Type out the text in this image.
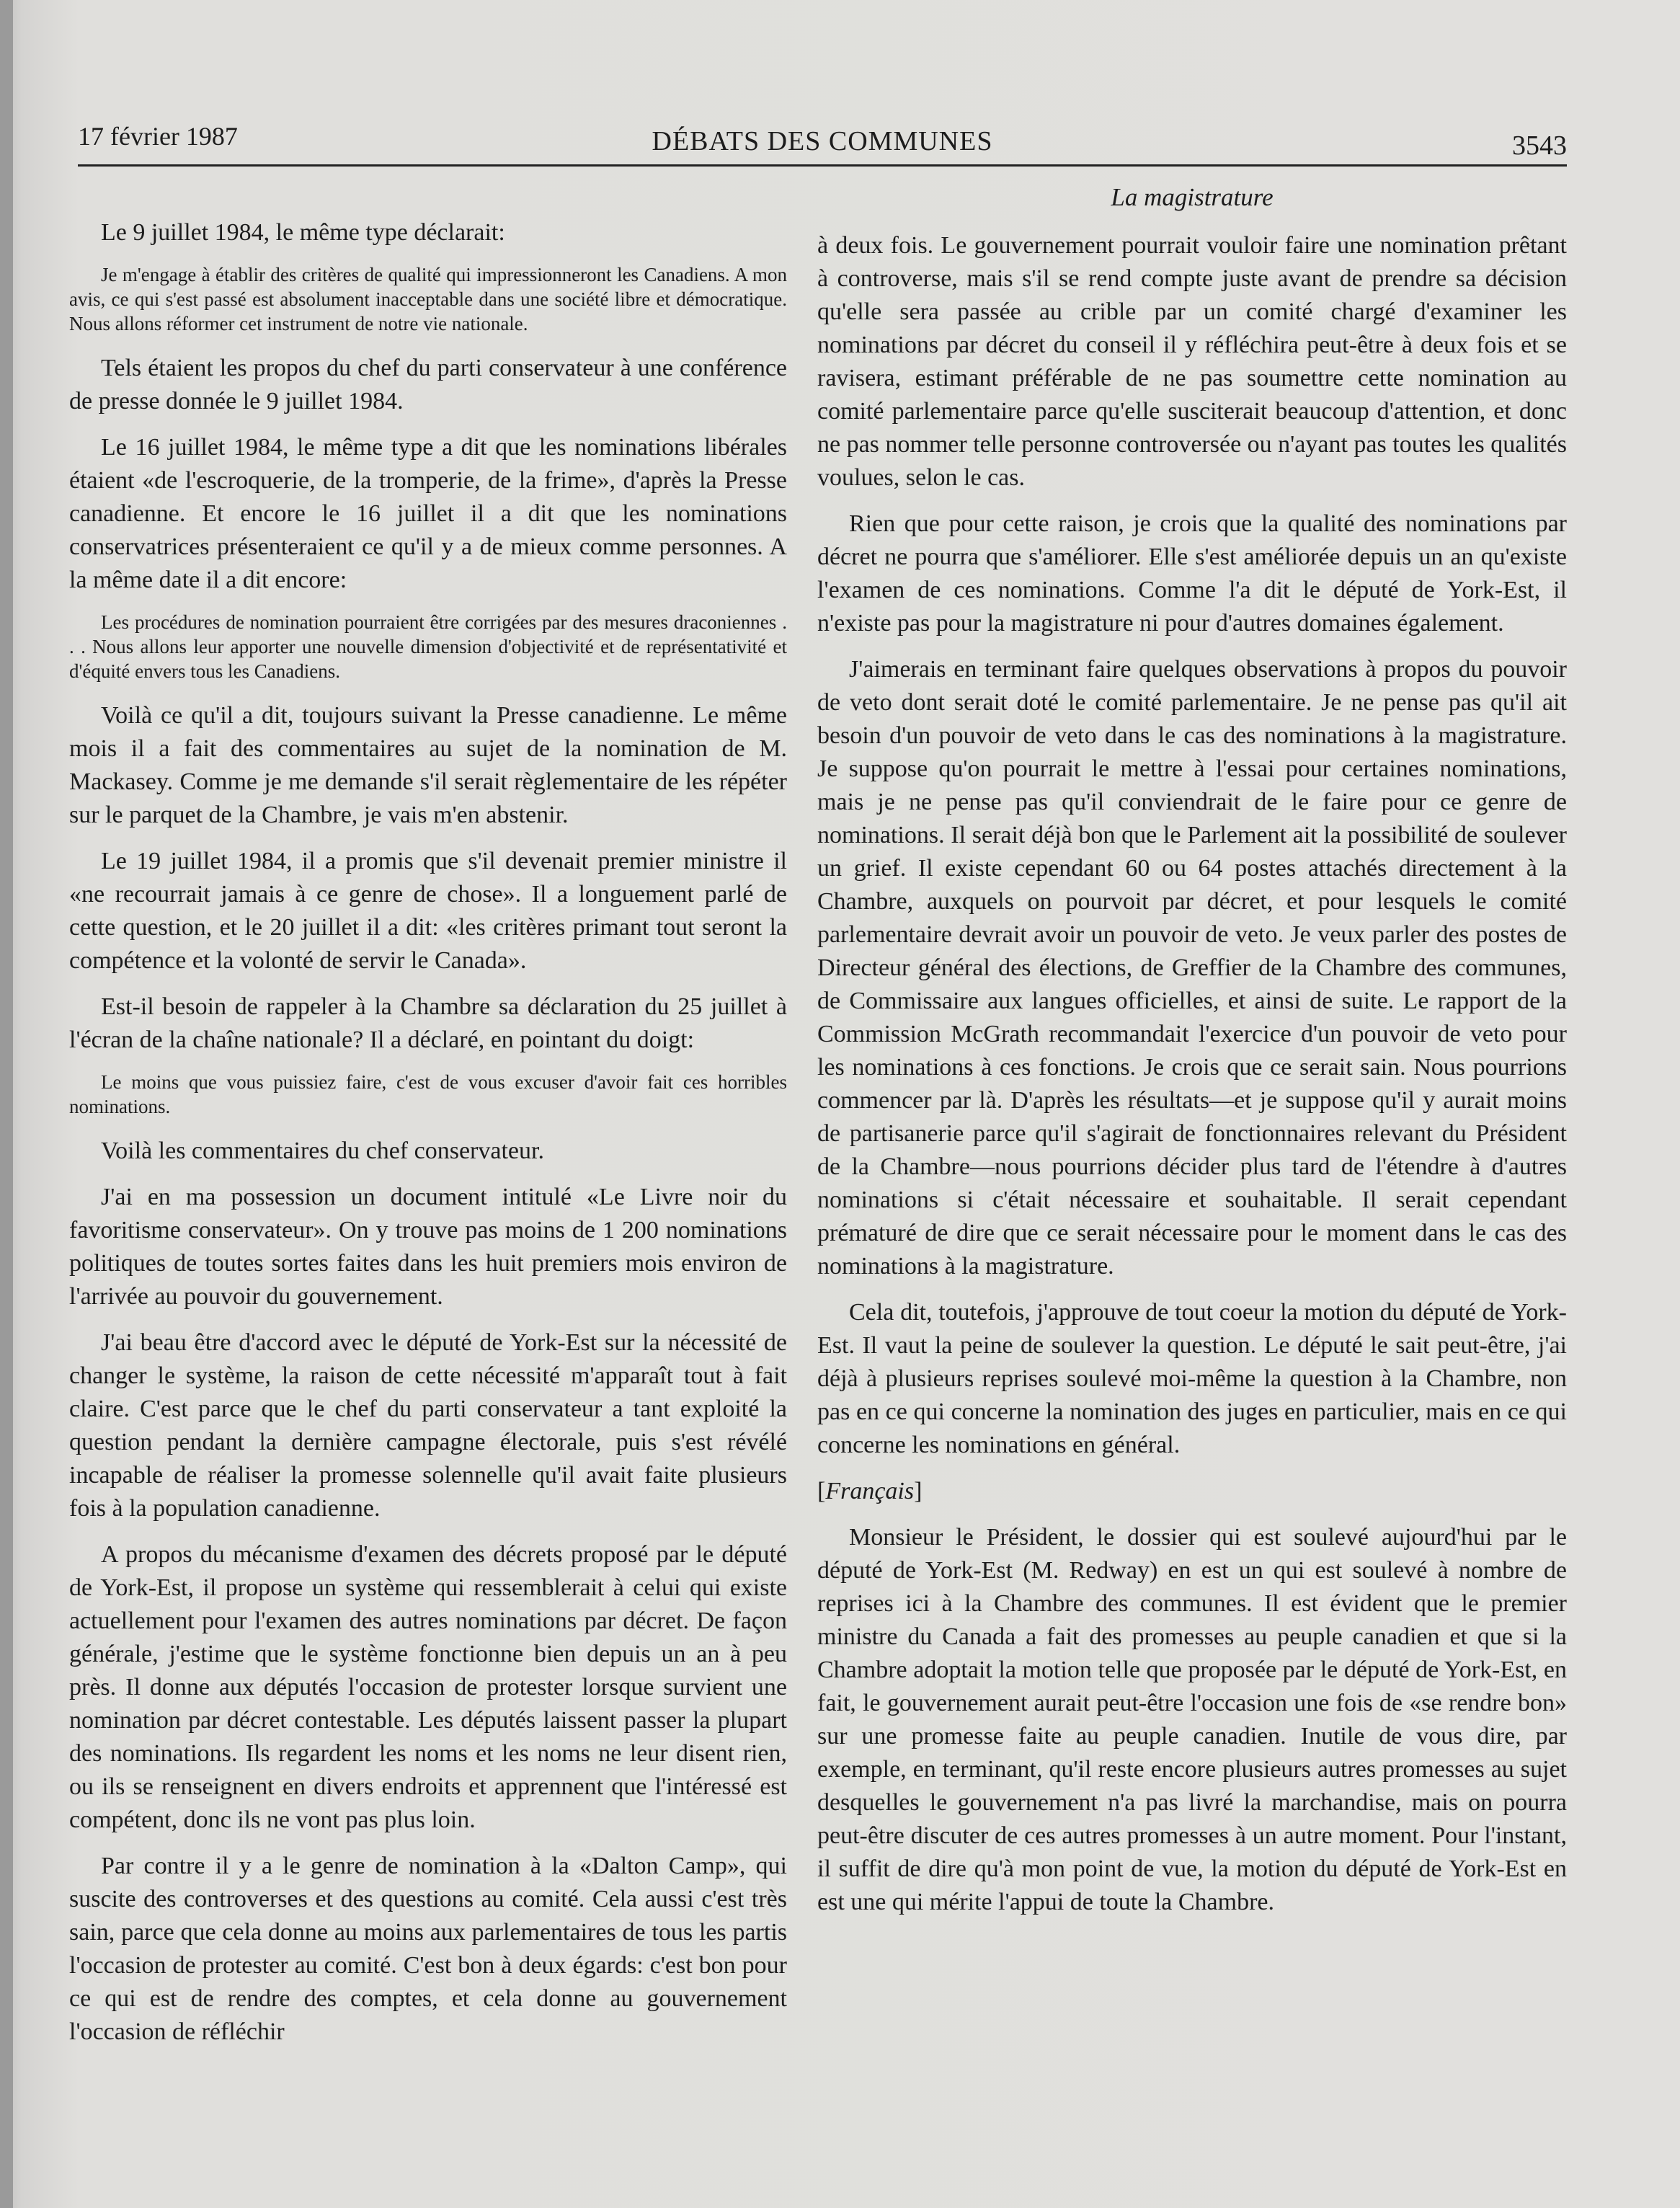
17 février 1987	DÉBATS DES COMMUNES	3543
La magistrature

Le 9 juillet 1984, le même type déclarait:

Je m'engage à établir des critères de qualité qui impressionneront les Canadiens. A mon avis, ce qui s'est passé est absolument inacceptable dans une société libre et démocratique. Nous allons réformer cet instrument de notre vie nationale.

Tels étaient les propos du chef du parti conservateur à une conférence de presse donnée le 9 juillet 1984.

Le 16 juillet 1984, le même type a dit que les nominations libérales étaient «de l'escroquerie, de la tromperie, de la frime», d'après la Presse canadienne. Et encore le 16 juillet il a dit que les nominations conservatrices présenteraient ce qu'il y a de mieux comme personnes. A la même date il a dit encore:

Les procédures de nomination pourraient être corrigées par des mesures draconiennes . . . Nous allons leur apporter une nouvelle dimension d'objectivité et de représentativité et d'équité envers tous les Canadiens.

Voilà ce qu'il a dit, toujours suivant la Presse canadienne. Le même mois il a fait des commentaires au sujet de la nomination de M. Mackasey. Comme je me demande s'il serait règlementaire de les répéter sur le parquet de la Chambre, je vais m'en abstenir.

Le 19 juillet 1984, il a promis que s'il devenait premier ministre il «ne recourrait jamais à ce genre de chose». Il a longuement parlé de cette question, et le 20 juillet il a dit: «les critères primant tout seront la compétence et la volonté de servir le Canada».

Est-il besoin de rappeler à la Chambre sa déclaration du 25 juillet à l'écran de la chaîne nationale? Il a déclaré, en pointant du doigt:

Le moins que vous puissiez faire, c'est de vous excuser d'avoir fait ces horribles nominations.

Voilà les commentaires du chef conservateur.

J'ai en ma possession un document intitulé «Le Livre noir du favoritisme conservateur». On y trouve pas moins de 1 200 nominations politiques de toutes sortes faites dans les huit premiers mois environ de l'arrivée au pouvoir du gouvernement.

J'ai beau être d'accord avec le député de York-Est sur la nécessité de changer le système, la raison de cette nécessité m'apparaît tout à fait claire. C'est parce que le chef du parti conservateur a tant exploité la question pendant la dernière campagne électorale, puis s'est révélé incapable de réaliser la promesse solennelle qu'il avait faite plusieurs fois à la population canadienne.

A propos du mécanisme d'examen des décrets proposé par le député de York-Est, il propose un système qui ressemblerait à celui qui existe actuellement pour l'examen des autres nominations par décret. De façon générale, j'estime que le système fonctionne bien depuis un an à peu près. Il donne aux députés l'occasion de protester lorsque survient une nomination par décret contestable. Les députés laissent passer la plupart des nominations. Ils regardent les noms et les noms ne leur disent rien, ou ils se renseignent en divers endroits et apprennent que l'intéressé est compétent, donc ils ne vont pas plus loin.

Par contre il y a le genre de nomination à la «Dalton Camp», qui suscite des controverses et des questions au comité. Cela aussi c'est très sain, parce que cela donne au moins aux parlementaires de tous les partis l'occasion de protester au comité. C'est bon à deux égards: c'est bon pour ce qui est de rendre des comptes, et cela donne au gouvernement l'occasion de réfléchir

à deux fois. Le gouvernement pourrait vouloir faire une nomination prêtant à controverse, mais s'il se rend compte juste avant de prendre sa décision qu'elle sera passée au crible par un comité chargé d'examiner les nominations par décret du conseil il y réfléchira peut-être à deux fois et se ravisera, estimant préférable de ne pas soumettre cette nomination au comité parlementaire parce qu'elle susciterait beaucoup d'attention, et donc ne pas nommer telle personne controversée ou n'ayant pas toutes les qualités voulues, selon le cas.

Rien que pour cette raison, je crois que la qualité des nominations par décret ne pourra que s'améliorer. Elle s'est améliorée depuis un an qu'existe l'examen de ces nominations. Comme l'a dit le député de York-Est, il n'existe pas pour la magistrature ni pour d'autres domaines également.

J'aimerais en terminant faire quelques observations à propos du pouvoir de veto dont serait doté le comité parlementaire. Je ne pense pas qu'il ait besoin d'un pouvoir de veto dans le cas des nominations à la magistrature. Je suppose qu'on pourrait le mettre à l'essai pour certaines nominations, mais je ne pense pas qu'il conviendrait de le faire pour ce genre de nominations. Il serait déjà bon que le Parlement ait la possibilité de soulever un grief. Il existe cependant 60 ou 64 postes attachés directement à la Chambre, auxquels on pourvoit par décret, et pour lesquels le comité parlementaire devrait avoir un pouvoir de veto. Je veux parler des postes de Directeur général des élections, de Greffier de la Chambre des communes, de Commissaire aux langues officielles, et ainsi de suite. Le rapport de la Commission McGrath recommandait l'exercice d'un pouvoir de veto pour les nominations à ces fonctions. Je crois que ce serait sain. Nous pourrions commencer par là. D'après les résultats—et je suppose qu'il y aurait moins de partisanerie parce qu'il s'agirait de fonctionnaires relevant du Président de la Chambre—nous pourrions décider plus tard de l'étendre à d'autres nominations si c'était nécessaire et souhaitable. Il serait cependant prématuré de dire que ce serait nécessaire pour le moment dans le cas des nominations à la magistrature.

Cela dit, toutefois, j'approuve de tout coeur la motion du député de York-Est. Il vaut la peine de soulever la question. Le député le sait peut-être, j'ai déjà à plusieurs reprises soulevé moi-même la question à la Chambre, non pas en ce qui concerne la nomination des juges en particulier, mais en ce qui concerne les nominations en général.

[Français]

Monsieur le Président, le dossier qui est soulevé aujourd'hui par le député de York-Est (M. Redway) en est un qui est soulevé à nombre de reprises ici à la Chambre des communes. Il est évident que le premier ministre du Canada a fait des promesses au peuple canadien et que si la Chambre adoptait la motion telle que proposée par le député de York-Est, en fait, le gouvernement aurait peut-être l'occasion une fois de «se rendre bon» sur une promesse faite au peuple canadien. Inutile de vous dire, par exemple, en terminant, qu'il reste encore plusieurs autres promesses au sujet desquelles le gouvernement n'a pas livré la marchandise, mais on pourra peut-être discuter de ces autres promesses à un autre moment. Pour l'instant, il suffit de dire qu'à mon point de vue, la motion du député de York-Est en est une qui mérite l'appui de toute la Chambre.
